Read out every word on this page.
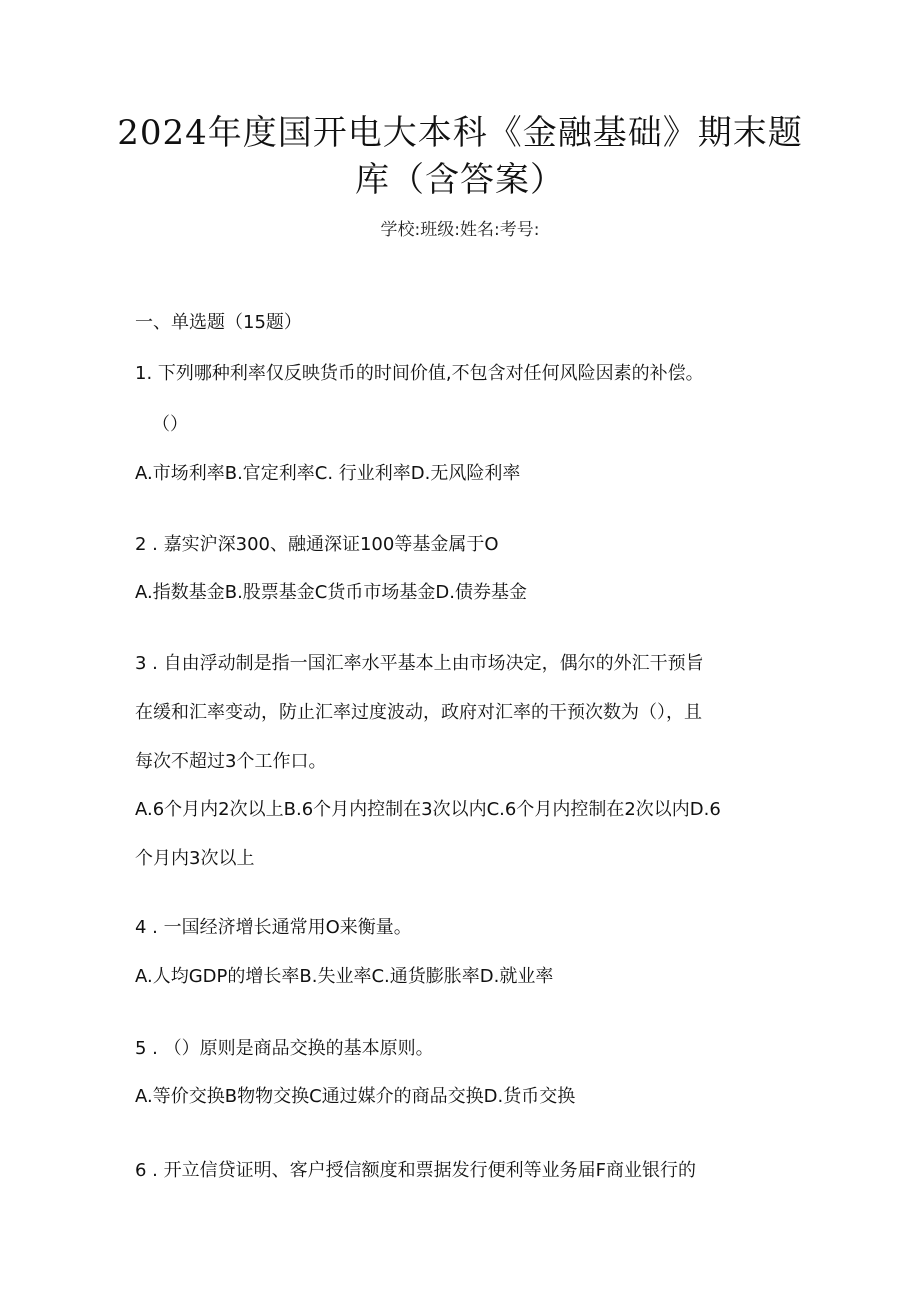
2024年度国开电大本科《金融基础》期末题
库（含答案）
学校:班级:姓名:考号:
一、单选题（15题）
1. 下列哪种利率仅反映货币的时间价值,不包含对任何风险因素的补偿。
（）
A.市场利率B.官定利率C. 行业利率D.无风险利率
2 . 嘉实沪深300、融通深证100等基金属于O
A.指数基金B.股票基金C货币市场基金D.债券基金
3 . 自由浮动制是指一国汇率水平基本上由市场决定，偶尔的外汇干预旨
在缓和汇率变动，防止汇率过度波动，政府对汇率的干预次数为（），且
每次不超过3个工作口。
A.6个月内2次以上B.6个月内控制在3次以内C.6个月内控制在2次以内D.6
个月内3次以上
4 . 一国经济增长通常用O来衡量。
A.人均GDP的增长率B.失业率C.通货膨胀率D.就业率
5 . （）原则是商品交换的基本原则。
A.等价交换B物物交换C通过媒介的商品交换D.货币交换
6 . 开立信贷证明、客户授信额度和票据发行便利等业务届F商业银行的
